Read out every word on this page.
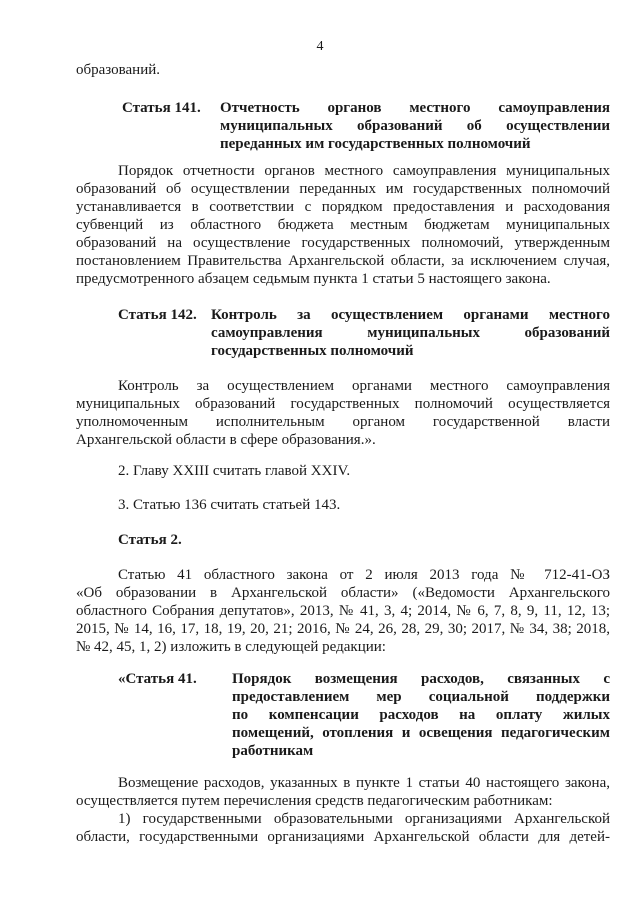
4
образований.
Статья 141. Отчетность органов местного самоуправления
муниципальных образований об осуществлении
переданных им государственных полномочий
Порядок отчетности органов местного самоуправления муниципальных
образований об осуществлении переданных им государственных полномочий
устанавливается в соответствии с порядком предоставления и расходования
субвенций из областного бюджета местным бюджетам муниципальных
образований на осуществление государственных полномочий, утвержденным
постановлением Правительства Архангельской области, за исключением случая,
предусмотренного абзацем седьмым пункта 1 статьи 5 настоящего закона.
Статья 142. Контроль за осуществлением органами местного
самоуправления муниципальных образований
государственных полномочий
Контроль за осуществлением органами местного самоуправления
муниципальных образований государственных полномочий осуществляется
уполномоченным исполнительным органом государственной власти
Архангельской области в сфере образования.».
2. Главу XXIII считать главой XXIV.
3. Статью 136 считать статьей 143.
Статья 2.
Статью 41 областного закона от 2 июля 2013 года № 712-41-ОЗ
«Об образовании в Архангельской области» («Ведомости Архангельского
областного Собрания депутатов», 2013, № 41, 3, 4; 2014, № 6, 7, 8, 9, 11, 12, 13;
2015, № 14, 16, 17, 18, 19, 20, 21; 2016, № 24, 26, 28, 29, 30; 2017, № 34, 38; 2018,
№ 42, 45, 1, 2) изложить в следующей редакции:
«Статья 41. Порядок возмещения расходов, связанных с
предоставлением мер социальной поддержки
по компенсации расходов на оплату жилых
помещений, отопления и освещения педагогическим
работникам
Возмещение расходов, указанных в пункте 1 статьи 40 настоящего закона,
осуществляется путем перечисления средств педагогическим работникам:
1) государственными образовательными организациями Архангельской
области, государственными организациями Архангельской области для детей-
